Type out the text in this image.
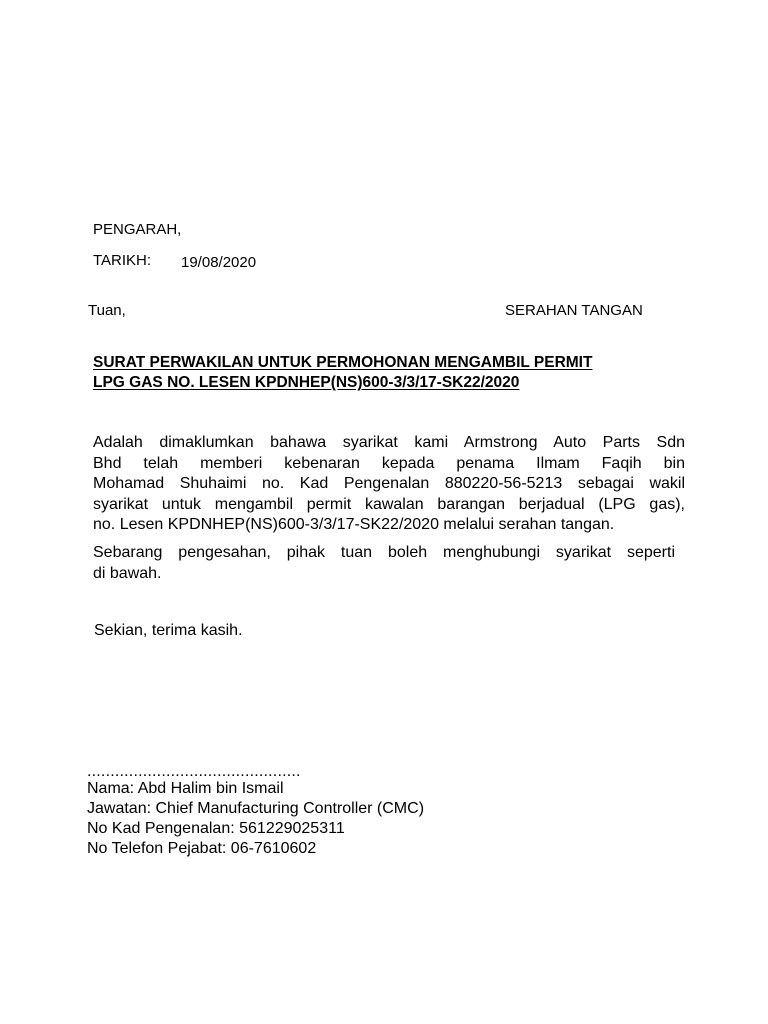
PENGARAH,
TARIKH: 19/08/2020
Tuan,	SERAHAN TANGAN
SURAT PERWAKILAN UNTUK PERMOHONAN MENGAMBIL PERMIT
LPG GAS NO. LESEN KPDNHEP(NS)600-3/3/17-SK22/2020
Adalah dimaklumkan bahawa syarikat kami Armstrong Auto Parts Sdn
Bhd telah memberi kebenaran kepada penama Ilmam Faqih bin
Mohamad Shuhaimi no. Kad Pengenalan 880220-56-5213 sebagai wakil
syarikat untuk mengambil permit kawalan barangan berjadual (LPG gas),
no. Lesen KPDNHEP(NS)600-3/3/17-SK22/2020 melalui serahan tangan.
Sebarang pengesahan, pihak tuan boleh menghubungi syarikat seperti
di bawah.
Sekian, terima kasih.
..............................................
Nama: Abd Halim bin Ismail
Jawatan: Chief Manufacturing Controller (CMC)
No Kad Pengenalan: 561229025311
No Telefon Pejabat: 06-7610602
